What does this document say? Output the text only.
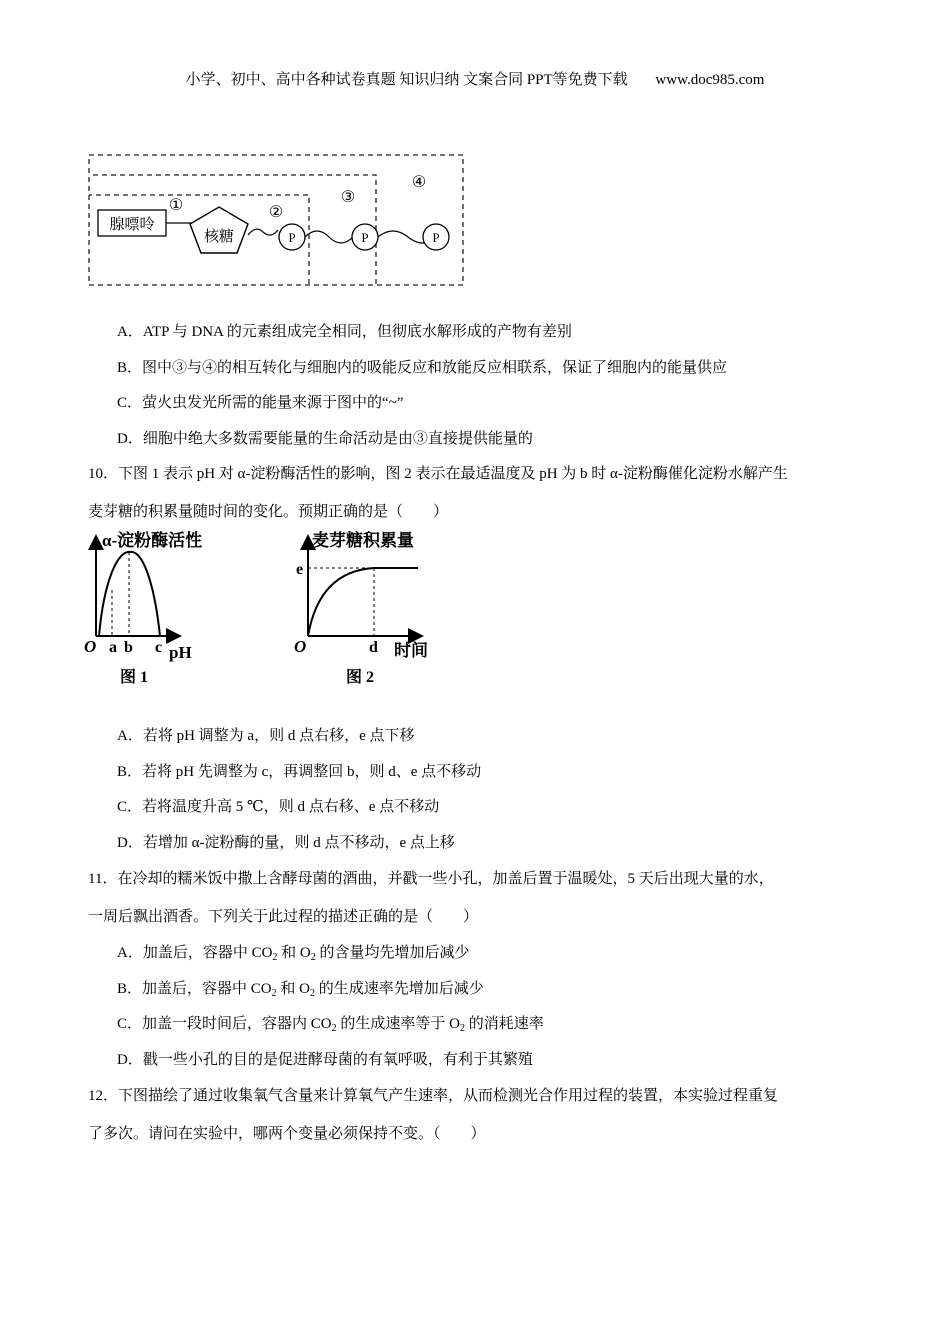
小学、初中、高中各种试卷真题 知识归纳 文案合同 PPT等免费下载 www.doc985.com
腺嘌呤
核糖	P	P	P
①	②
③
④
A．ATP 与 DNA 的元素组成完全相同，但彻底水解形成的产物有差别
B．图中③与④的相互转化与细胞内的吸能反应和放能反应相联系，保证了细胞内的能量供应
C．萤火虫发光所需的能量来源于图中的“~”
D．细胞中绝大多数需要能量的生命活动是由③直接提供能量的
10．下图 1 表示 pH 对 α-淀粉酶活性的影响，图 2 表示在最适温度及 pH 为 b 时 α-淀粉酶催化淀粉水解产生
麦芽糖的积累量随时间的变化。预期正确的是（　　）
α-淀粉酶活性
O a b c pH
图 1
麦芽糖积累量
e
O	d 时间
图 2
A．若将 pH 调整为 a，则 d 点右移，e 点下移
B．若将 pH 先调整为 c，再调整回 b，则 d、e 点不移动
C．若将温度升高 5 ℃，则 d 点右移、e 点不移动
D．若增加 α-淀粉酶的量，则 d 点不移动，e 点上移
11．在冷却的糯米饭中撒上含酵母菌的酒曲，并戳一些小孔，加盖后置于温暖处，5 天后出现大量的水，
一周后飘出酒香。下列关于此过程的描述正确的是（　　）
A．加盖后，容器中 $CO_2$ 和 $O_2$ 的含量均先增加后减少
B．加盖后，容器中 $CO_2$ 和 $O_2$ 的生成速率先增加后减少
C．加盖一段时间后，容器内 $CO_2$ 的生成速率等于 $O_2$ 的消耗速率
D．戳一些小孔的目的是促进酵母菌的有氧呼吸，有利于其繁殖
12．下图描绘了通过收集氧气含量来计算氧气产生速率，从而检测光合作用过程的装置，本实验过程重复
了多次。请问在实验中，哪两个变量必须保持不变。（　　）
